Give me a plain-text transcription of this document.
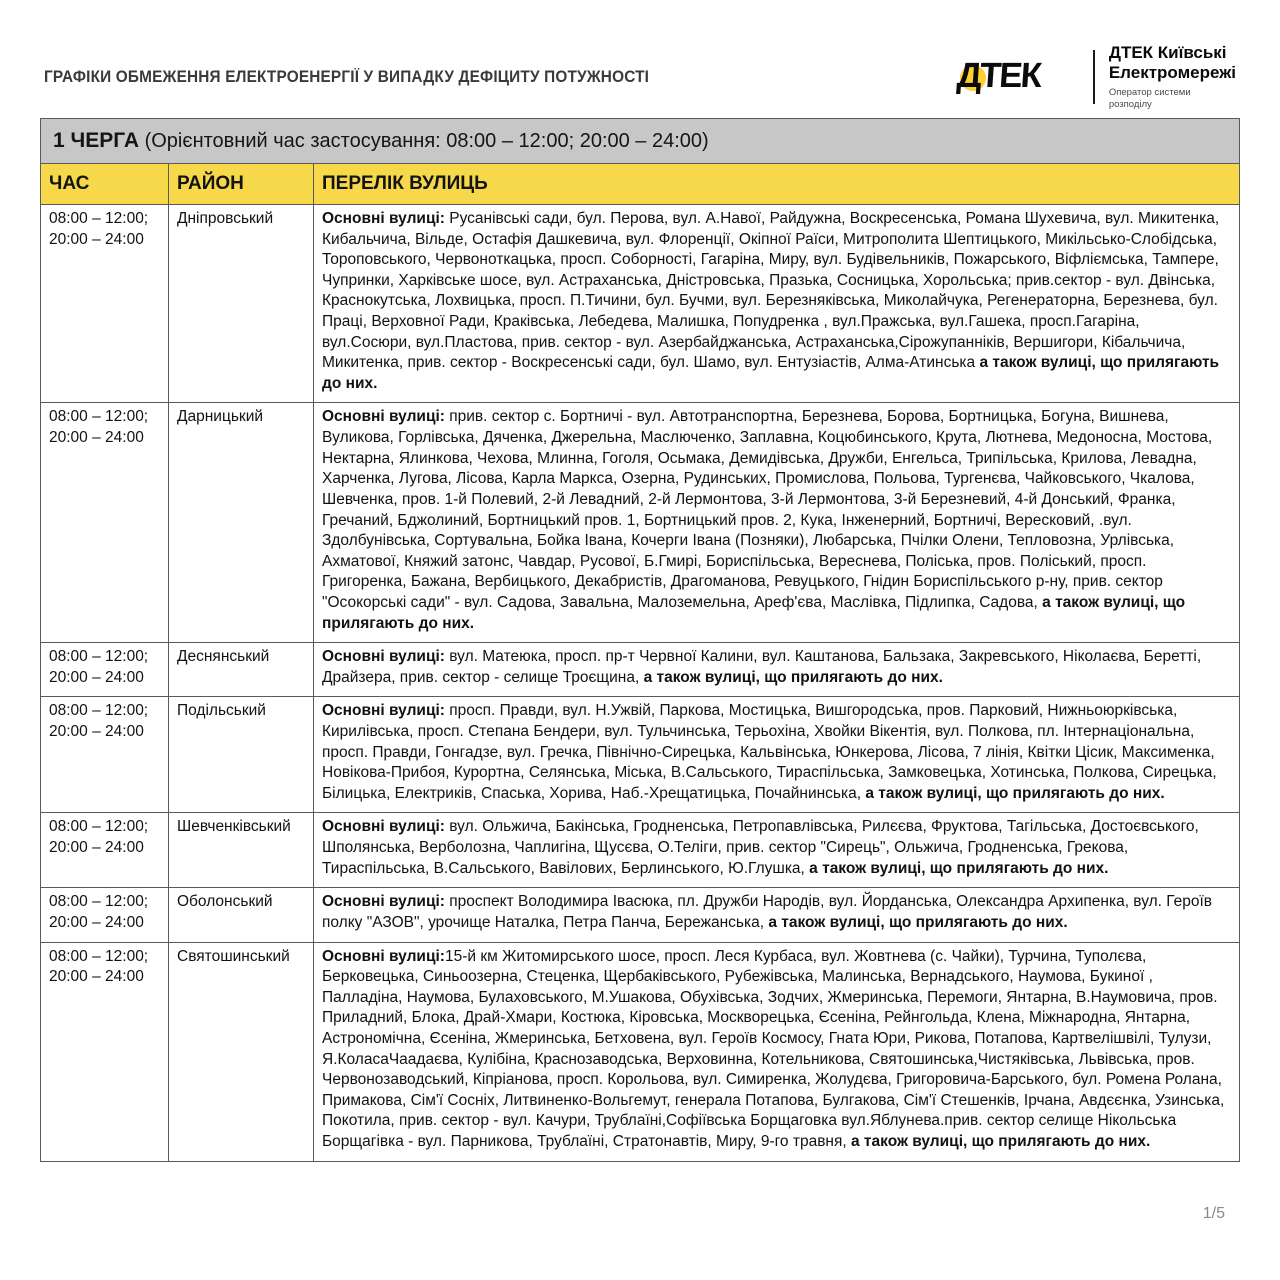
ГРАФІКИ ОБМЕЖЕННЯ ЕЛЕКТРОЕНЕРГІЇ У ВИПАДКУ ДЕФІЦИТУ ПОТУЖНОСТІ	ДТЕК
ДТЕК Київські
Електромережі
Оператор системи
розподілу
1 ЧЕРГА (Орієнтовний час застосування: 08:00 – 12:00; 20:00 – 24:00)
ЧАС	РАЙОН	ПЕРЕЛІК ВУЛИЦЬ
08:00 – 12:00;
20:00 – 24:00
Дніпровський	Основні вулиці: Русанівські сади, бул. Перова, вул. А.Навої, Райдужна, Воскресенська, Романа Шухевича, вул. Микитенка, Кибальчича, Вільде, Остафія Дашкевича, вул. Флоренції, Окіпної Раїси, Митрополита Шептицького, Микільсько-Слобідська, Тороповського, Червоноткацька, просп. Соборності, Гагаріна, Миру, вул. Будівельників, Пожарського, Віфліємська, Тампере, Чупринки, Харківське шосе, вул. Астраханська, Дністровська, Празька, Сосницька, Хорольська; прив.сектор - вул. Двінська, Краснокутська, Лохвицька, просп. П.Тичини, бул. Бучми, вул. Березняківська, Миколайчука, Регенераторна, Березнева, бул. Праці, Верховної Ради, Краківська, Лебедева, Малишка, Попудренка , вул.Пражська, вул.Гашека, просп.Гагаріна, вул.Сосюри, вул.Пластова, прив. сектор - вул. Азербайджанська, Астраханська,Сірожупанніків, Вершигори, Кібальчича, Микитенка, прив. сектор - Воскресенські сади, бул. Шамо, вул. Ентузіастів, Алма-Атинська а також вулиці, що прилягають до них.
08:00 – 12:00;
20:00 – 24:00
Дарницький	Основні вулиці: прив. сектор с. Бортничі - вул. Автотранспортна, Березнева, Борова, Бортницька, Богуна, Вишнева, Вуликова, Горлівська, Дяченка, Джерельна, Маслюченко, Заплавна, Коцюбинського, Крута, Лютнева, Медоносна, Мостова, Нектарна, Ялинкова, Чехова, Млинна, Гоголя, Осьмака, Демидівська, Дружби, Енгельса, Трипільська, Крилова, Левадна, Харченка, Лугова, Лісова, Карла Маркса, Озерна, Рудинських, Промислова, Польова, Тургенєва, Чайковського, Чкалова, Шевченка, пров. 1-й Полевий, 2-й Левадний, 2-й Лермонтова, 3-й Лермонтова, 3-й Березневий, 4-й Донський, Франка, Гречаний, Бджолиний, Бортницький пров. 1, Бортницький пров. 2, Кука, Інженерний, Бортничі, Вересковий, .вул. Здолбунівська, Сортувальна, Бойка Івана, Кочерги Івана (Позняки), Любарська, Пчілки Олени, Тепловозна, Урлівська, Ахматової, Княжий затонс, Чавдар, Русової, Б.Гмирі, Бориспільська, Вереснева, Поліська, пров. Поліський, просп. Григоренка, Бажана, Вербицького, Декабристів, Драгоманова, Ревуцького, Гнідин Бориспільського р-ну, прив. сектор "Осокорські сади" - вул. Садова, Завальна, Малоземельна, Ареф'єва, Маслівка, Підлипка, Садова, а також вулиці, що прилягають до них.
08:00 – 12:00;
20:00 – 24:00
Деснянський	Основні вулиці: вул. Матеюка, просп. пр-т Червної Калини, вул. Каштанова, Бальзака, Закревського, Ніколаєва, Беретті, Драйзера, прив. сектор - селище Троєщина, а також вулиці, що прилягають до них.
08:00 – 12:00;
20:00 – 24:00
Подільський	Основні вулиці: просп. Правди, вул. Н.Ужвій, Паркова, Мостицька, Вишгородська, пров. Парковий, Нижньоюрківська, Кирилівська, просп. Степана Бендери, вул. Тульчинська, Терьохіна, Хвойки Вікентія, вул. Полкова, пл. Інтернаціональна, просп. Правди, Гонгадзе, вул. Гречка, Північно-Сирецька, Кальвінська, Юнкерова, Лісова, 7 лінія, Квітки Цісик, Максименка, Новікова-Прибоя, Курортна, Селянська, Міська, В.Сальського, Тираспільська, Замковецька, Хотинська, Полкова, Сирецька, Білицька, Електриків, Спаська, Хорива, Наб.-Хрещатицька, Почайнинська, а також вулиці, що прилягають до них.
08:00 – 12:00;
20:00 – 24:00
Шевченківський	Основні вулиці: вул. Ольжича, Бакінська, Гродненська, Петропавлівська, Рилєєва, Фруктова, Тагільська, Достоєвського, Шполянська, Верболозна, Чаплигіна, Щусєва, О.Теліги, прив. сектор "Сирець", Ольжича, Гродненська, Грекова, Тираспільська, В.Сальського, Вавілових, Берлинського, Ю.Глушка, а також вулиці, що прилягають до них.
08:00 – 12:00;
20:00 – 24:00
Оболонський	Основні вулиці: проспект Володимира Івасюка, пл. Дружби Народів, вул. Йорданська, Олександра Архипенка, вул. Героїв полку "АЗОВ", урочище Наталка, Петра Панча, Бережанська, а також вулиці, що прилягають до них.
08:00 – 12:00;
20:00 – 24:00
Святошинський	Основні вулиці:15-й км Житомирського шосе, просп. Леся Курбаса, вул. Жовтнева (с. Чайки), Турчина, Туполєва, Берковецька, Синьоозерна, Стеценка, Щербаківського, Рубежівська, Малинська, Вернадського, Наумова, Букиної , Палладіна, Наумова, Булаховського, М.Ушакова, Обухівська, Зодчих, Жмеринська, Перемоги, Янтарна, В.Наумовича, пров. Приладний, Блока, Драй-Хмари, Костюка, Кіровська, Москворецька, Єсеніна, Рейнгольда, Клена, Міжнародна, Янтарна, Астрономічна, Єсеніна, Жмеринська, Бетховена, вул. Героїв Космосу, Гната Юри, Рикова, Потапова, Картвелішвілі, Тулузи, Я.КоласаЧаадаєва, Кулібіна, Краснозаводська, Верховинна, Котельникова, Святошинська,Чистяківська, Львівська, пров. Червонозаводський, Кіпріанова, просп. Корольова, вул. Симиренка, Жолудєва, Григоровича-Барського, бул. Ромена Ролана, Примакова, Сім'ї Сосніх, Литвиненко-Вольгемут, генерала Потапова, Булгакова, Сім'ї Стешенків, Ірчана, Авдєєнка, Узинська, Покотила, прив. сектор - вул. Качури, Трублаїні,Софіївська Борщаговка вул.Яблунева.прив. сектор селище Нікольська Борщагівка - вул. Парникова, Трублаїні, Стратонавтів, Миру, 9-го травня, а також вулиці, що прилягають до них.
1/5
